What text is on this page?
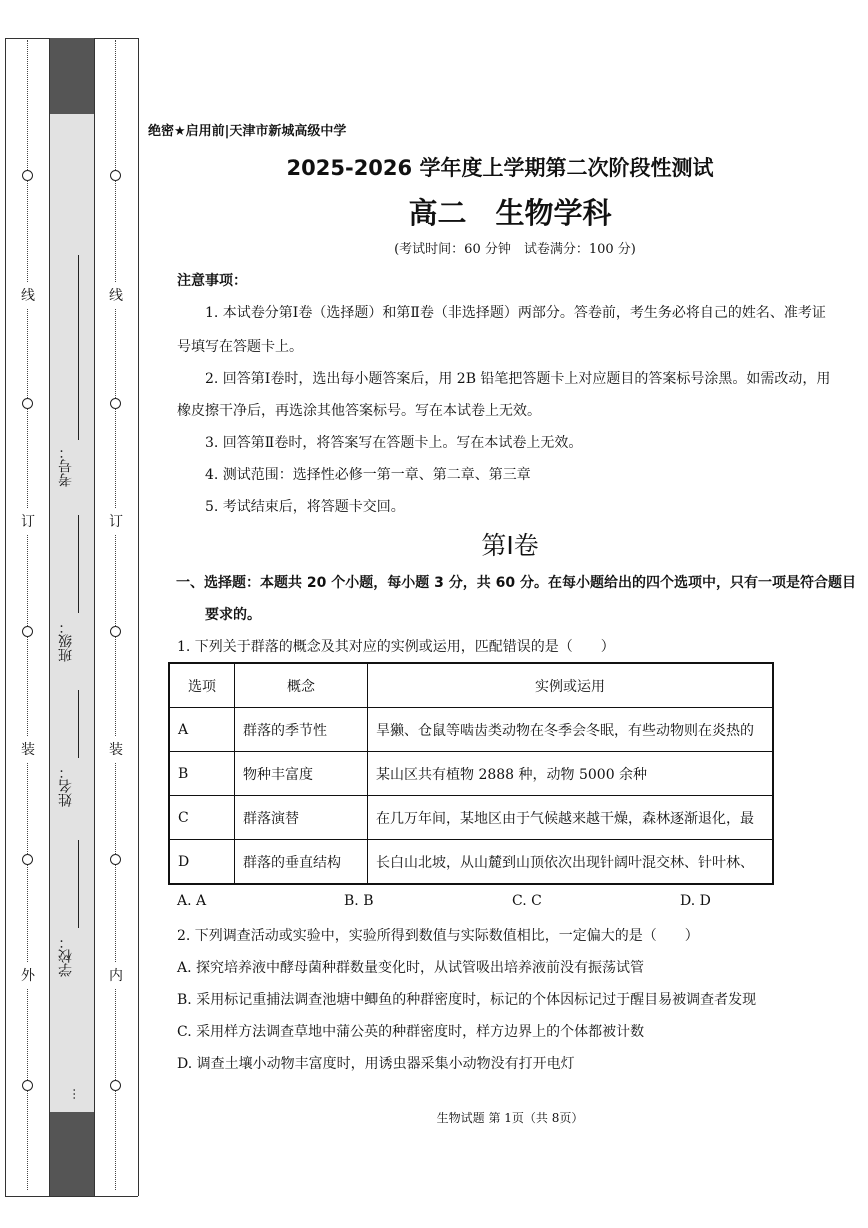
线
订
装
外
线
订
装
内
考号：
班级：
姓名：
学校：
…
绝密★启用前|天津市新城高级中学
2025-2026 学年度上学期第二次阶段性测试
高二　生物学科
(考试时间：60 分钟　试卷满分：100 分)
注意事项：
1. 本试卷分第Ⅰ卷（选择题）和第Ⅱ卷（非选择题）两部分。答卷前，考生务必将自己的姓名、准考证
号填写在答题卡上。
2. 回答第Ⅰ卷时，选出每小题答案后，用 2B 铅笔把答题卡上对应题目的答案标号涂黑。如需改动，用
橡皮擦干净后，再选涂其他答案标号。写在本试卷上无效。
3. 回答第Ⅱ卷时，将答案写在答题卡上。写在本试卷上无效。
4. 测试范围：选择性必修一第一章、第二章、第三章
5. 考试结束后，将答题卡交回。
第Ⅰ卷
一、选择题：本题共 20 个小题，每小题 3 分，共 60 分。在每小题给出的四个选项中，只有一项是符合题目
要求的。
1. 下列关于群落的概念及其对应的实例或运用，匹配错误的是（　　）
选项	概念	实例或运用
A	群落的季节性	旱獭、仓鼠等啮齿类动物在冬季会冬眠，有些动物则在炎热的
B	物种丰富度	某山区共有植物 2888 种，动物 5000 余种
C	群落演替	在几万年间，某地区由于气候越来越干燥，森林逐渐退化，最
D	群落的垂直结构	长白山北坡，从山麓到山顶依次出现针阔叶混交林、针叶林、
A. A	B. B	C. C	D. D
2. 下列调查活动或实验中，实验所得到数值与实际数值相比，一定偏大的是（　　）
A. 探究培养液中酵母菌种群数量变化时，从试管吸出培养液前没有振荡试管
B. 采用标记重捕法调查池塘中鲫鱼的种群密度时，标记的个体因标记过于醒目易被调查者发现
C. 采用样方法调查草地中蒲公英的种群密度时，样方边界上的个体都被计数
D. 调查土壤小动物丰富度时，用诱虫器采集小动物没有打开电灯
生物试题 第 1页（共 8页）
